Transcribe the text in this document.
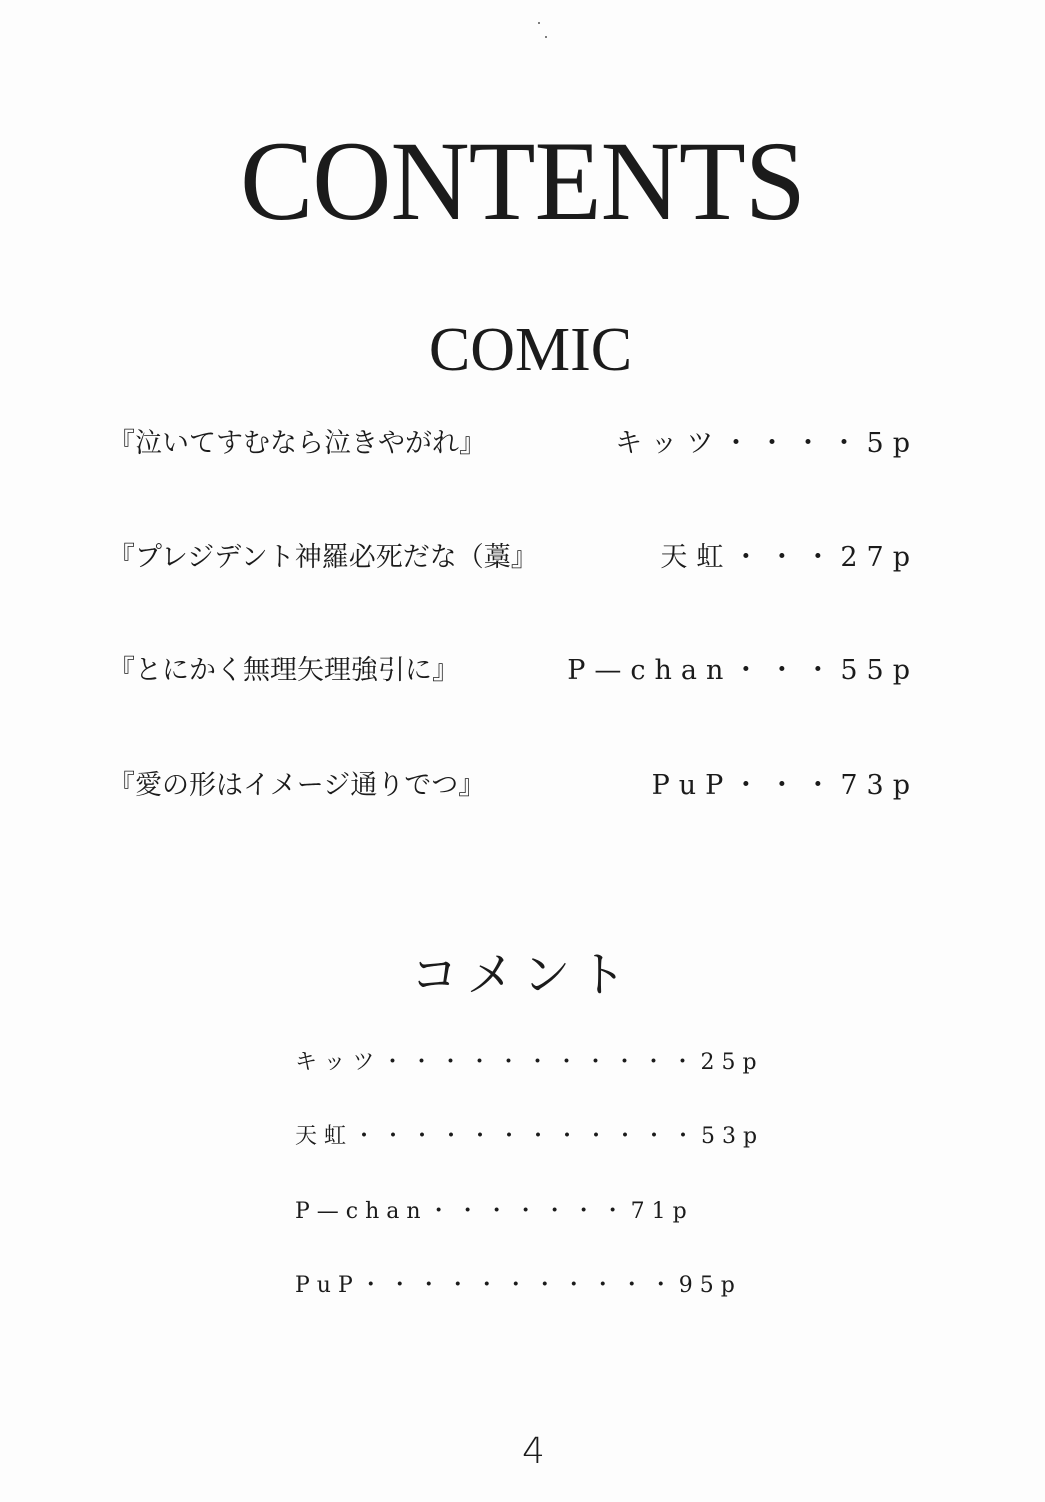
CONTENTS
COMIC
『泣いてすむなら泣きやがれ』	キッツ・・・・5p
『プレジデント神羅必死だな（藁』	天虹・・・27p
『とにかく無理矢理強引に』	P—chan・・・55p
『愛の形はイメージ通りでつ』	PuP・・・73p
コメント
キッツ・・・・・・・・・・・25p
天虹・・・・・・・・・・・・53p
P—chan・・・・・・・71p
PuP・・・・・・・・・・・95p
4
